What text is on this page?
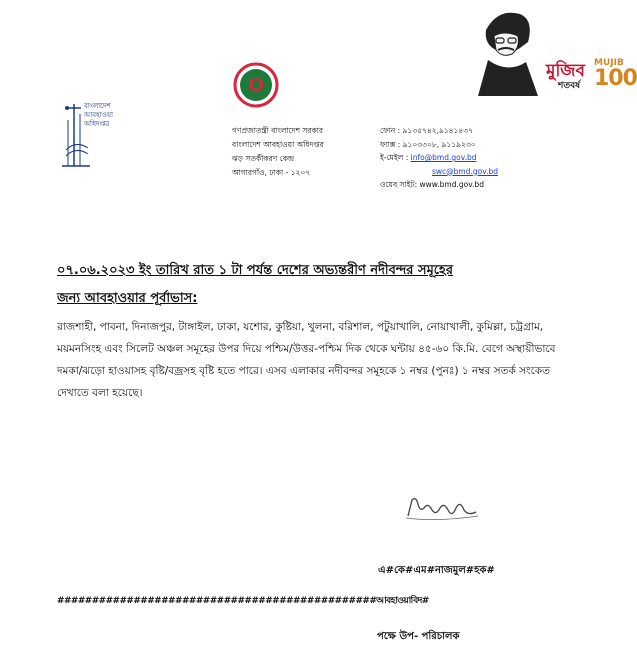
বাংলাদেশ
আবহাওয়া
অধিদপ্তর
মুজিব MUJIB
100
শতবর্ষ
গণপ্রজাতন্ত্রী বাংলাদেশ সরকার
বাংলাদেশ আবহাওয়া অধিদপ্তর
ঝড় সতর্কীকরণ কেন্দ্র
আগারগাঁও, ঢাকা - ১২০৭
ফোন : ৯১৩৫৭৪২,৯১৪১৪৩৭
ফ্যাক্স : ৯১০৩৩০৮, ৯১১৯২৩০
ই-মেইল : info@bmd.gov.bd
swc@bmd.gov.bd
ওয়েব সাইট: www.bmd.gov.bd
০৭.০৬.২০২৩ ইং তারিখ রাত ১ টা পর্যন্ত দেশের অভ্যন্তরীণ নদীবন্দর সমূহের
জন্য আবহাওয়ার পূর্বাভাস:
রাজশাহী, পাবনা, দিনাজপুর, টাঙ্গাইল, ঢাকা, যশোর, কুষ্টিয়া, খুলনা, বরিশাল, পটুয়াখালি, নোয়াখালী, কুমিল্লা, চট্রগ্রাম, ময়মনসিংহ এবং সিলেট অঞ্চল সমূহের উপর দিয়ে পশ্চিম/উত্তর-পশ্চিম দিক থেকে ঘন্টায় ৪৫-৬০ কি.মি. বেগে অস্থায়ীভাবে দমকা/ঝড়ো হাওয়াসহ বৃষ্টি/বজ্রসহ বৃষ্টি হতে পারে। এসব এলাকার নদীবন্দর সমূহকে ১ নম্বর (পুনঃ) ১ নম্বর সতর্ক সংকেত দেখাতে বলা হয়েছে।
এ#কে#এম#নাজমুল#হক#
##############################################আবহাওয়াবিদ#
পক্ষে উপ- পরিচালক
